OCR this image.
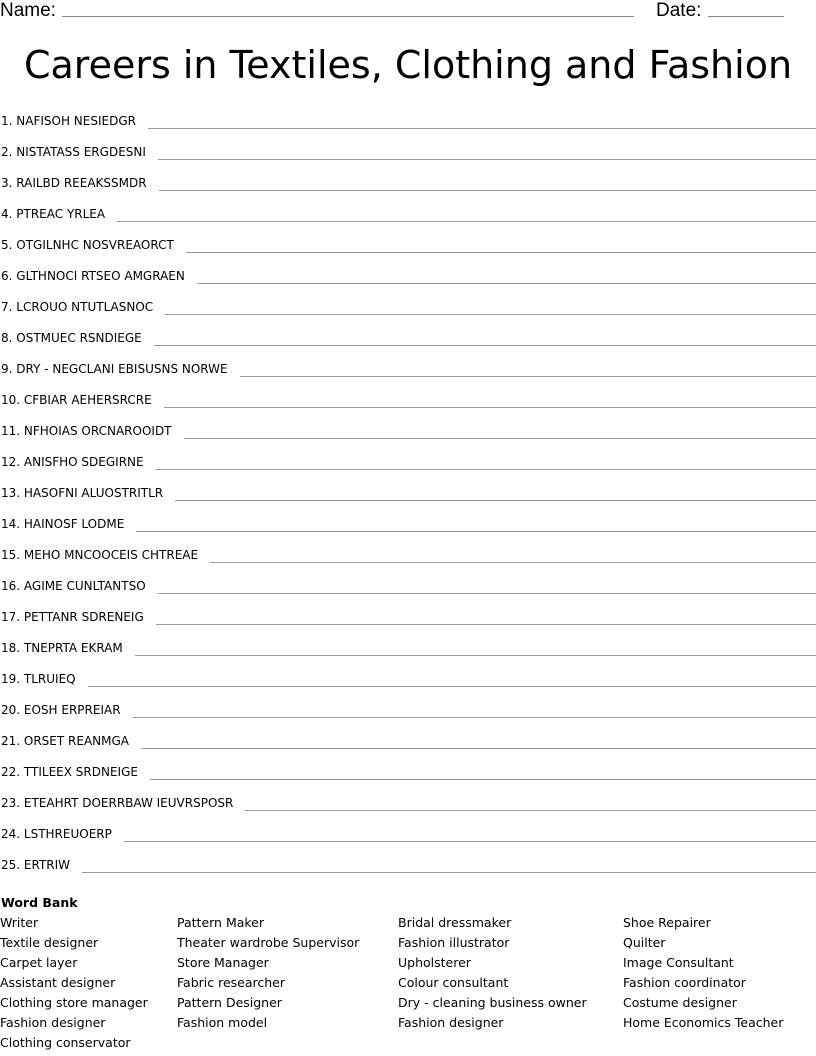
Name:	Date:
Careers in Textiles, Clothing and Fashion
1. NAFISOH NESIEDGR
2. NISTATASS ERGDESNI
3. RAILBD REEAKSSMDR
4. PTREAC YRLEA
5. OTGILNHC NOSVREAORCT
6. GLTHNOCI RTSEO AMGRAEN
7. LCROUO NTUTLASNOC
8. OSTMUEC RSNDIEGE
9. DRY - NEGCLANI EBISUSNS NORWE
10. CFBIAR AEHERSRCRE
11. NFHOIAS ORCNAROOIDT
12. ANISFHO SDEGIRNE
13. HASOFNI ALUOSTRITLR
14. HAINOSF LODME
15. MEHO MNCOOCEIS CHTREAE
16. AGIME CUNLTANTSO
17. PETTANR SDRENEIG
18. TNEPRTA EKRAM
19. TLRUIEQ
20. EOSH ERPREIAR
21. ORSET REANMGA
22. TTILEEX SRDNEIGE
23. ETEAHRT DOERRBAW IEUVRSPOSR
24. LSTHREUOERP
25. ERTRIW
Word Bank
Writer
Textile designer
Carpet layer
Assistant designer
Clothing store manager
Fashion designer
Clothing conservator
Pattern Maker
Theater wardrobe Supervisor
Store Manager
Fabric researcher
Pattern Designer
Fashion model
Bridal dressmaker
Fashion illustrator
Upholsterer
Colour consultant
Dry - cleaning business owner
Fashion designer
Shoe Repairer
Quilter
Image Consultant
Fashion coordinator
Costume designer
Home Economics Teacher
